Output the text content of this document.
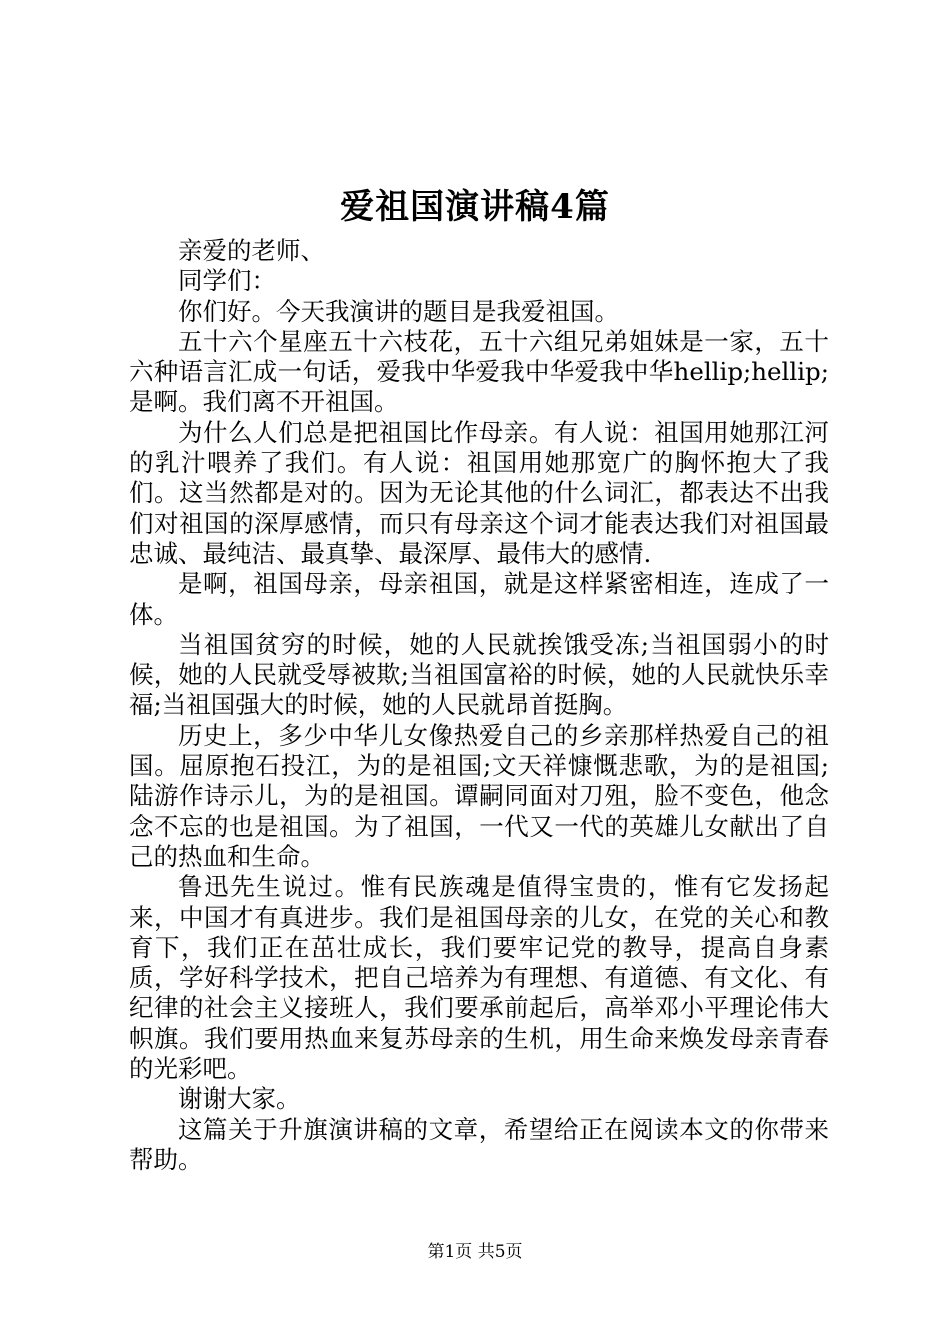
爱祖国演讲稿4篇

亲爱的老师、

同学们：

你们好。今天我演讲的题目是我爱祖国。

五十六个星座五十六枝花，五十六组兄弟姐妹是一家，五十六种语言汇成一句话，爱我中华爱我中华爱我中华hellip;hellip;是啊。我们离不开祖国。

为什么人们总是把祖国比作母亲。有人说：祖国用她那江河的乳汁喂养了我们。有人说：祖国用她那宽广的胸怀抱大了我们。这当然都是对的。因为无论其他的什么词汇，都表达不出我们对祖国的深厚感情，而只有母亲这个词才能表达我们对祖国最忠诚、最纯洁、最真挚、最深厚、最伟大的感情.

是啊，祖国母亲，母亲祖国，就是这样紧密相连，连成了一体。

当祖国贫穷的时候，她的人民就挨饿受冻;当祖国弱小的时候，她的人民就受辱被欺;当祖国富裕的时候，她的人民就快乐幸福;当祖国强大的时候，她的人民就昂首挺胸。

历史上，多少中华儿女像热爱自己的乡亲那样热爱自己的祖国。屈原抱石投江，为的是祖国;文天祥慷慨悲歌，为的是祖国;陆游作诗示儿，为的是祖国。谭嗣同面对刀殂，脸不变色，他念念不忘的也是祖国。为了祖国，一代又一代的英雄儿女献出了自己的热血和生命。

鲁迅先生说过。惟有民族魂是值得宝贵的，惟有它发扬起来，中国才有真进步。我们是祖国母亲的儿女，在党的关心和教育下，我们正在茁壮成长，我们要牢记党的教导，提高自身素质，学好科学技术，把自己培养为有理想、有道德、有文化、有纪律的社会主义接班人，我们要承前起后，高举邓小平理论伟大帜旗。我们要用热血来复苏母亲的生机，用生命来焕发母亲青春的光彩吧。

谢谢大家。

这篇关于升旗演讲稿的文章，希望给正在阅读本文的你带来帮助。

第1页 共5页
